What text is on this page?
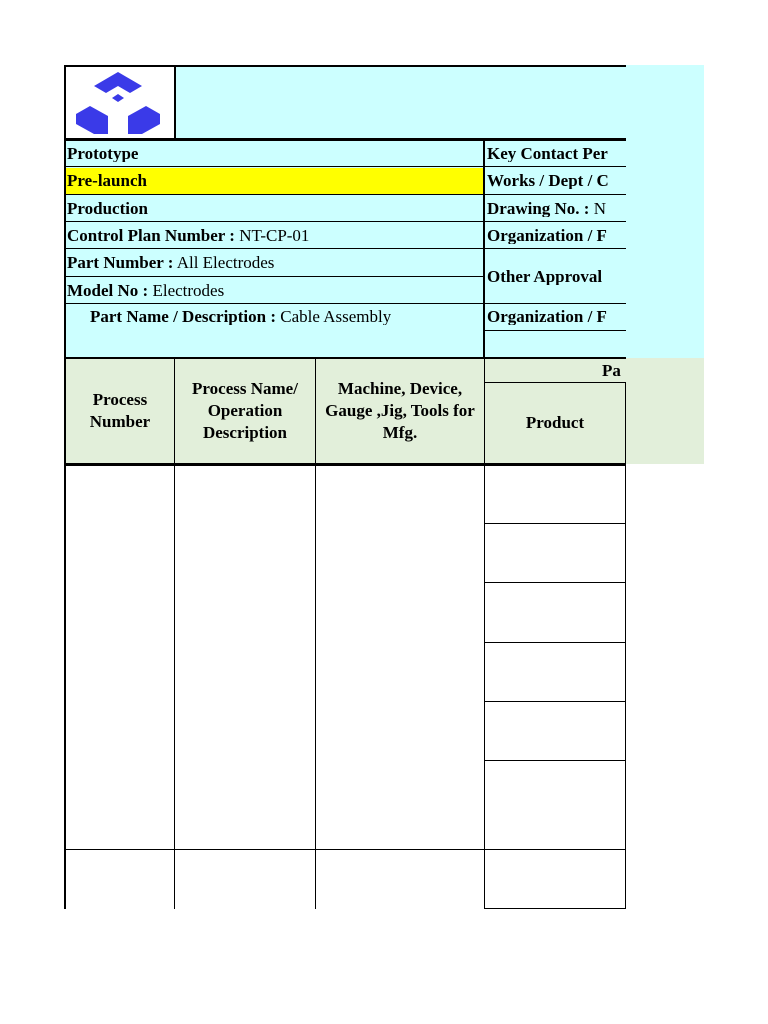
Prototype
Pre-launch
Production
Control Plan Number : NT-CP-01
Part Number : All Electrodes
Model No : Electrodes
Part Name / Description : Cable Assembly
Key Contact Per
Works / Dept / C
Drawing No. : N
Organization / F
Other Approval
Organization / F
Process Number
Process Name/ Operation Description
Machine, Device, Gauge ,Jig, Tools for Mfg.
Pa
Product
